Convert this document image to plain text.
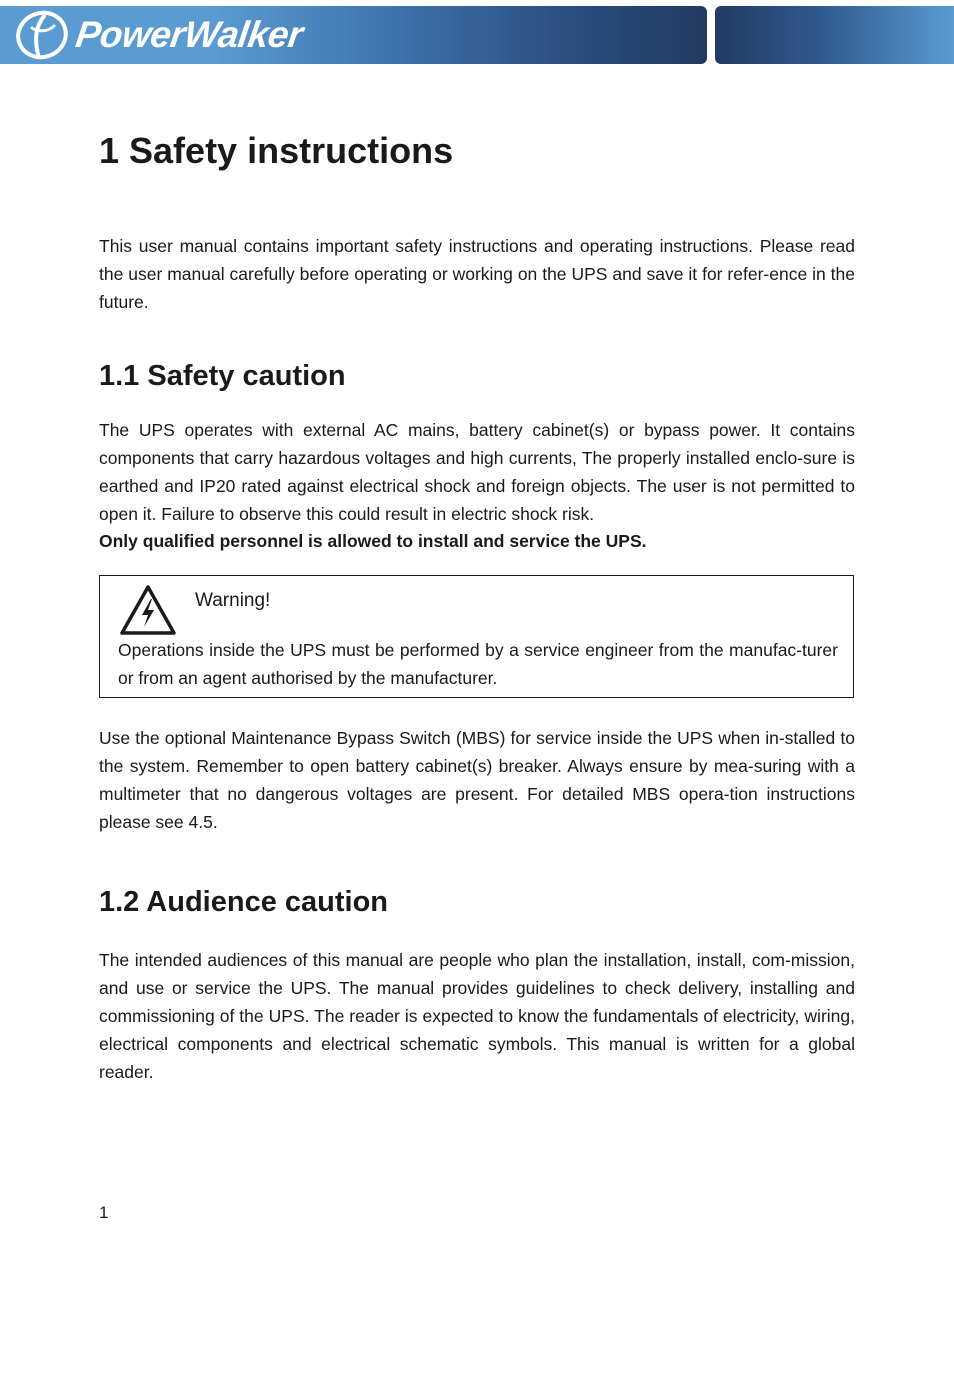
PowerWalker
1 Safety instructions

This user manual contains important safety instructions and operating instructions. Please read the user manual carefully before operating or working on the UPS and save it for refer-ence in the future.

1.1 Safety caution

The UPS operates with external AC mains, battery cabinet(s) or bypass power. It contains components that carry hazardous voltages and high currents, The properly installed enclo-sure is earthed and IP20 rated against electrical shock and foreign objects. The user is not permitted to open it. Failure to observe this could result in electric shock risk.

Only qualified personnel is allowed to install and service the UPS.

Use the optional Maintenance Bypass Switch (MBS) for service inside the UPS when in-stalled to the system. Remember to open battery cabinet(s) breaker. Always ensure by mea-suring with a multimeter that no dangerous voltages are present. For detailed MBS opera-tion instructions please see 4.5.

1.2 Audience caution

The intended audiences of this manual are people who plan the installation, install, com-mission, and use or service the UPS. The manual provides guidelines to check delivery, installing and commissioning of the UPS. The reader is expected to know the fundamentals of electricity, wiring, electrical components and electrical schematic symbols. This manual is written for a global reader.

Warning!

Operations inside the UPS must be performed by a service engineer from the manufac-turer or from an agent authorised by the manufacturer.

1
